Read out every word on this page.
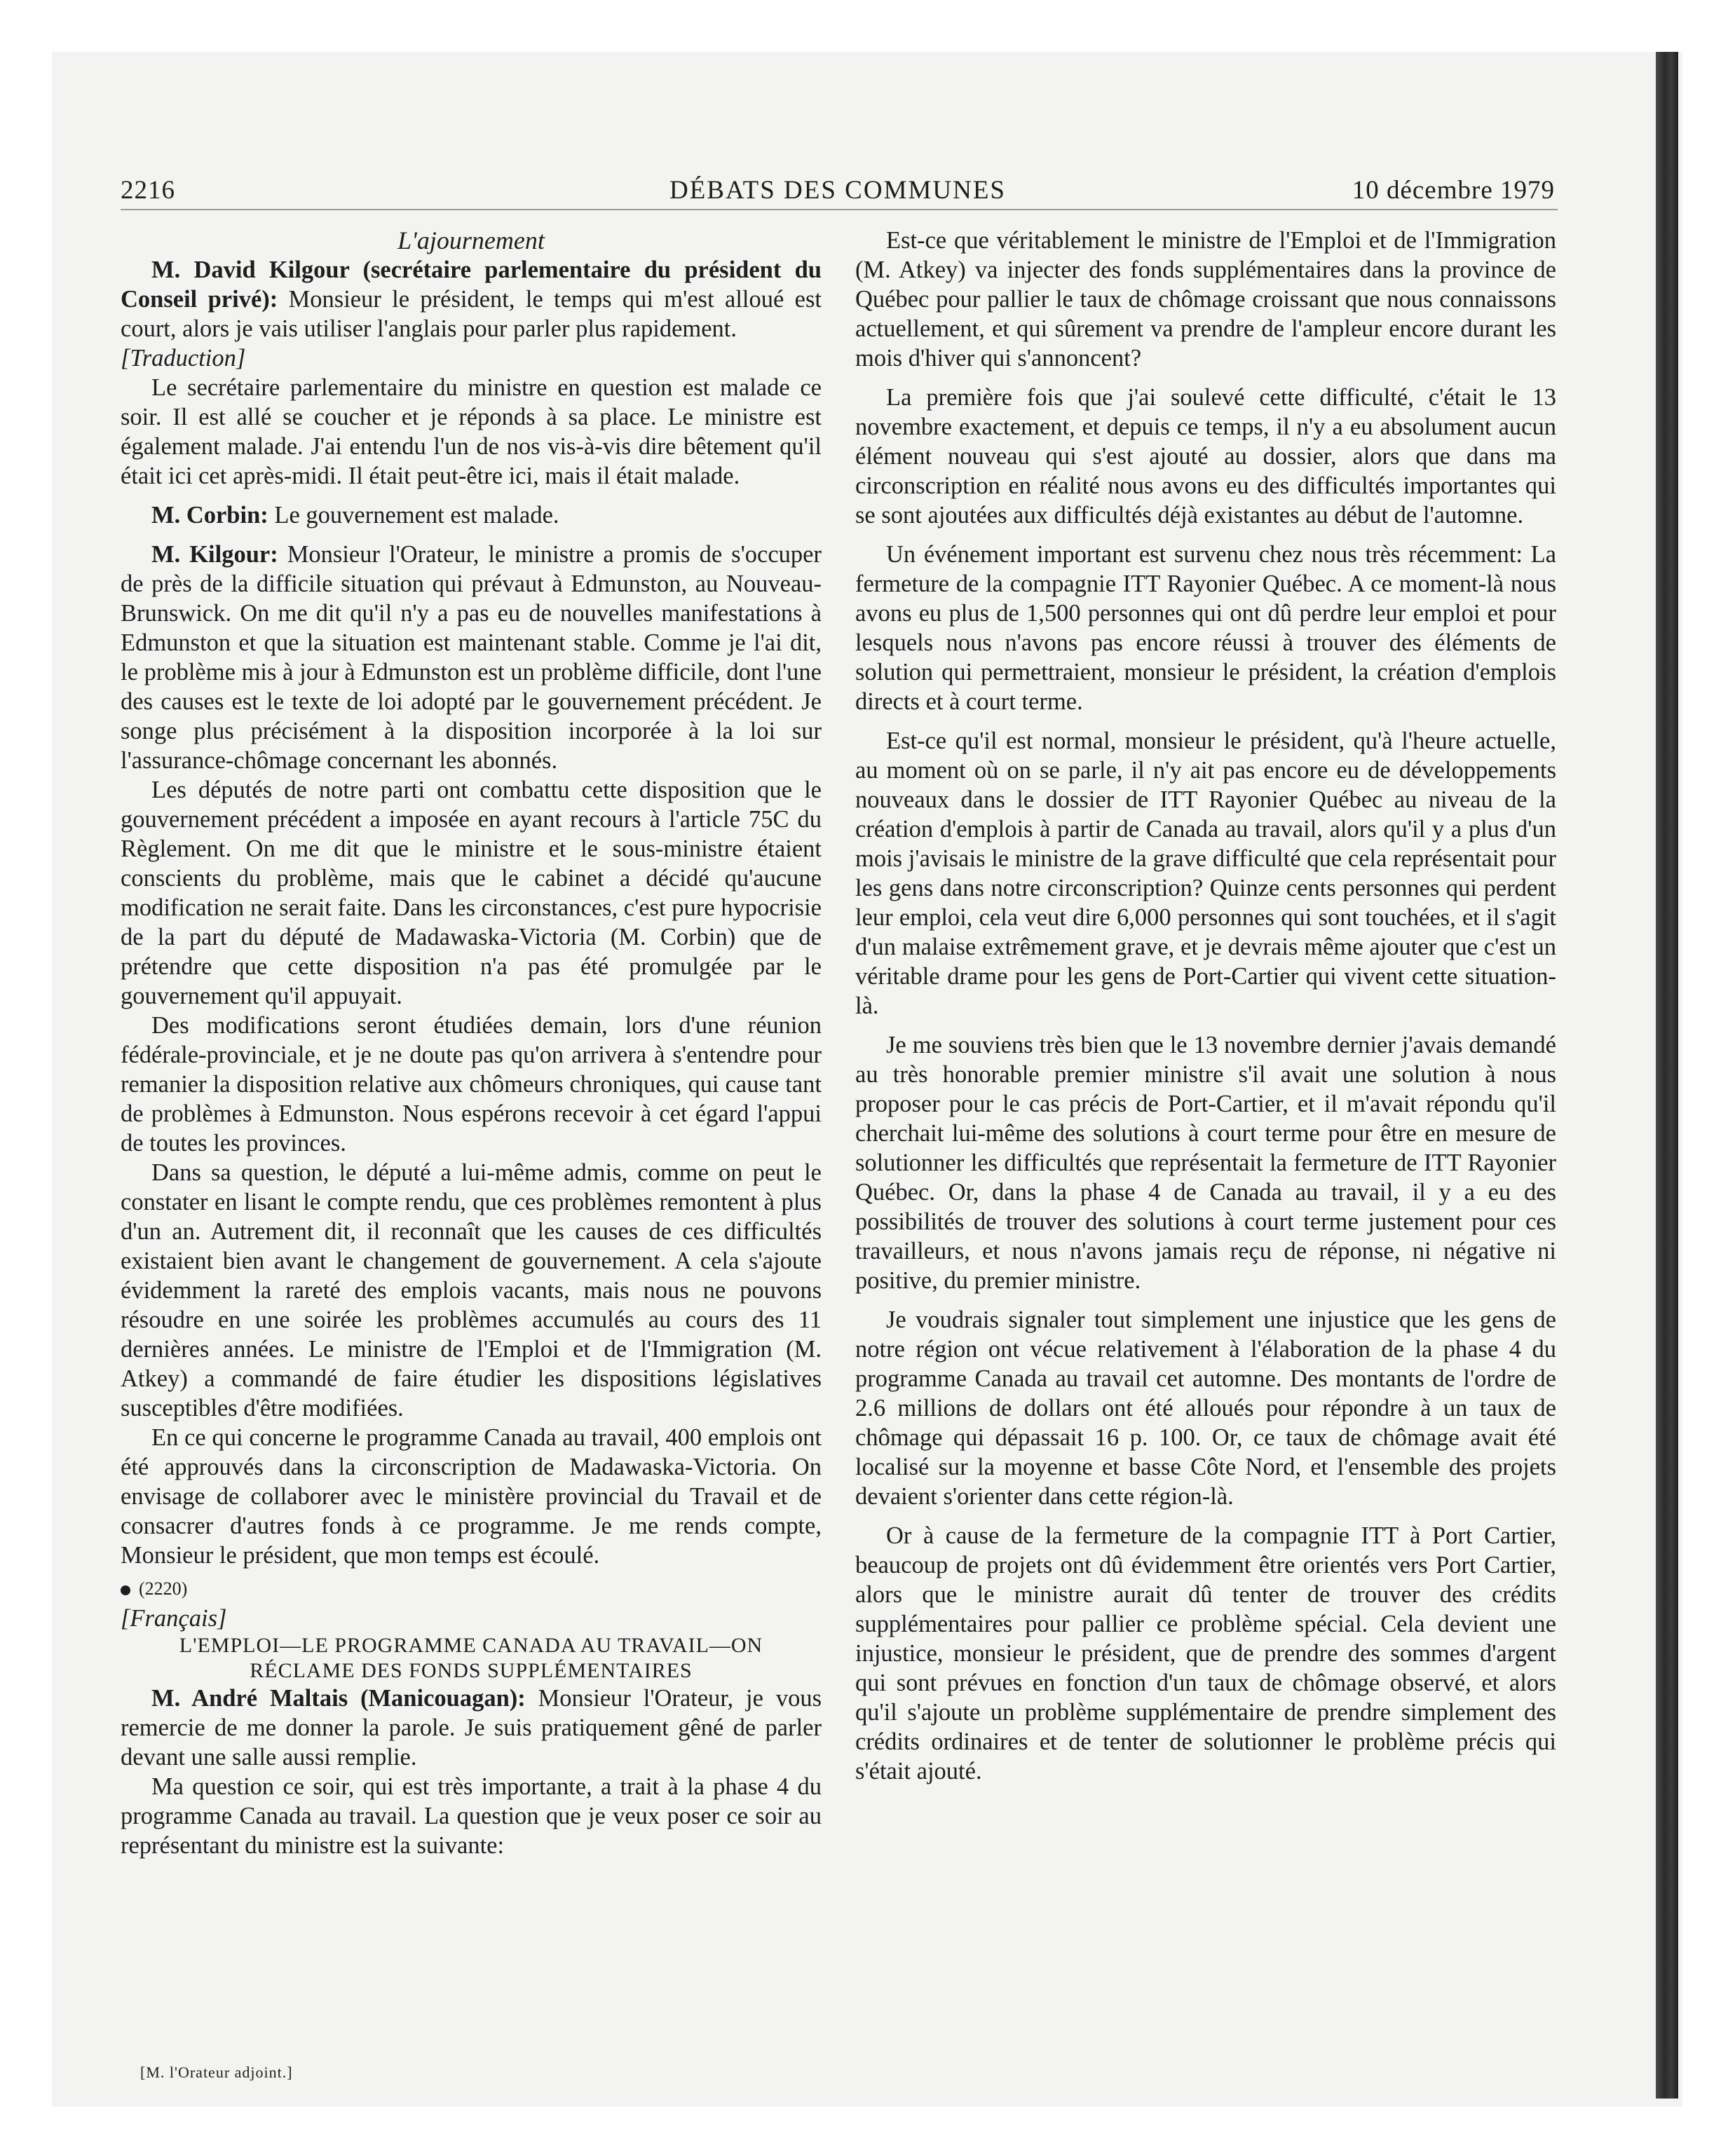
2216	DÉBATS DES COMMUNES	10 décembre 1979

L'ajournement

M. David Kilgour (secrétaire parlementaire du président du Conseil privé): Monsieur le président, le temps qui m'est alloué est court, alors je vais utiliser l'anglais pour parler plus rapidement.

[Traduction]

Le secrétaire parlementaire du ministre en question est malade ce soir. Il est allé se coucher et je réponds à sa place. Le ministre est également malade. J'ai entendu l'un de nos vis-à-vis dire bêtement qu'il était ici cet après-midi. Il était peut-être ici, mais il était malade.

M. Corbin: Le gouvernement est malade.

M. Kilgour: Monsieur l'Orateur, le ministre a promis de s'occuper de près de la difficile situation qui prévaut à Edmunston, au Nouveau-Brunswick. On me dit qu'il n'y a pas eu de nouvelles manifestations à Edmunston et que la situation est maintenant stable. Comme je l'ai dit, le problème mis à jour à Edmunston est un problème difficile, dont l'une des causes est le texte de loi adopté par le gouvernement précédent. Je songe plus précisément à la disposition incorporée à la loi sur l'assurance-chômage concernant les abonnés.

Les députés de notre parti ont combattu cette disposition que le gouvernement précédent a imposée en ayant recours à l'article 75C du Règlement. On me dit que le ministre et le sous-ministre étaient conscients du problème, mais que le cabinet a décidé qu'aucune modification ne serait faite. Dans les circonstances, c'est pure hypocrisie de la part du député de Madawaska-Victoria (M. Corbin) que de prétendre que cette disposition n'a pas été promulgée par le gouvernement qu'il appuyait.

Des modifications seront étudiées demain, lors d'une réunion fédérale-provinciale, et je ne doute pas qu'on arrivera à s'entendre pour remanier la disposition relative aux chômeurs chroniques, qui cause tant de problèmes à Edmunston. Nous espérons recevoir à cet égard l'appui de toutes les provinces.

Dans sa question, le député a lui-même admis, comme on peut le constater en lisant le compte rendu, que ces problèmes remontent à plus d'un an. Autrement dit, il reconnaît que les causes de ces difficultés existaient bien avant le changement de gouvernement. A cela s'ajoute évidemment la rareté des emplois vacants, mais nous ne pouvons résoudre en une soirée les problèmes accumulés au cours des 11 dernières années. Le ministre de l'Emploi et de l'Immigration (M. Atkey) a commandé de faire étudier les dispositions législatives susceptibles d'être modifiées.

En ce qui concerne le programme Canada au travail, 400 emplois ont été approuvés dans la circonscription de Madawaska-Victoria. On envisage de collaborer avec le ministère provincial du Travail et de consacrer d'autres fonds à ce programme. Je me rends compte, Monsieur le président, que mon temps est écoulé.

(2220)

[Français]

L'EMPLOI—LE PROGRAMME CANADA AU TRAVAIL—ON

RÉCLAME DES FONDS SUPPLÉMENTAIRES

M. André Maltais (Manicouagan): Monsieur l'Orateur, je vous remercie de me donner la parole. Je suis pratiquement gêné de parler devant une salle aussi remplie.

Ma question ce soir, qui est très importante, a trait à la phase 4 du programme Canada au travail. La question que je veux poser ce soir au représentant du ministre est la suivante:

Est-ce que véritablement le ministre de l'Emploi et de l'Immigration (M. Atkey) va injecter des fonds supplémentaires dans la province de Québec pour pallier le taux de chômage croissant que nous connaissons actuellement, et qui sûrement va prendre de l'ampleur encore durant les mois d'hiver qui s'annoncent?

La première fois que j'ai soulevé cette difficulté, c'était le 13 novembre exactement, et depuis ce temps, il n'y a eu absolument aucun élément nouveau qui s'est ajouté au dossier, alors que dans ma circonscription en réalité nous avons eu des difficultés importantes qui se sont ajoutées aux difficultés déjà existantes au début de l'automne.

Un événement important est survenu chez nous très récemment: La fermeture de la compagnie ITT Rayonier Québec. A ce moment-là nous avons eu plus de 1,500 personnes qui ont dû perdre leur emploi et pour lesquels nous n'avons pas encore réussi à trouver des éléments de solution qui permettraient, monsieur le président, la création d'emplois directs et à court terme.

Est-ce qu'il est normal, monsieur le président, qu'à l'heure actuelle, au moment où on se parle, il n'y ait pas encore eu de développements nouveaux dans le dossier de ITT Rayonier Québec au niveau de la création d'emplois à partir de Canada au travail, alors qu'il y a plus d'un mois j'avisais le ministre de la grave difficulté que cela représentait pour les gens dans notre circonscription? Quinze cents personnes qui perdent leur emploi, cela veut dire 6,000 personnes qui sont touchées, et il s'agit d'un malaise extrêmement grave, et je devrais même ajouter que c'est un véritable drame pour les gens de Port-Cartier qui vivent cette situation-là.

Je me souviens très bien que le 13 novembre dernier j'avais demandé au très honorable premier ministre s'il avait une solution à nous proposer pour le cas précis de Port-Cartier, et il m'avait répondu qu'il cherchait lui-même des solutions à court terme pour être en mesure de solutionner les difficultés que représentait la fermeture de ITT Rayonier Québec. Or, dans la phase 4 de Canada au travail, il y a eu des possibilités de trouver des solutions à court terme justement pour ces travailleurs, et nous n'avons jamais reçu de réponse, ni négative ni positive, du premier ministre.

Je voudrais signaler tout simplement une injustice que les gens de notre région ont vécue relativement à l'élaboration de la phase 4 du programme Canada au travail cet automne. Des montants de l'ordre de 2.6 millions de dollars ont été alloués pour répondre à un taux de chômage qui dépassait 16 p. 100. Or, ce taux de chômage avait été localisé sur la moyenne et basse Côte Nord, et l'ensemble des projets devaient s'orienter dans cette région-là.

Or à cause de la fermeture de la compagnie ITT à Port Cartier, beaucoup de projets ont dû évidemment être orientés vers Port Cartier, alors que le ministre aurait dû tenter de trouver des crédits supplémentaires pour pallier ce problème spécial. Cela devient une injustice, monsieur le président, que de prendre des sommes d'argent qui sont prévues en fonction d'un taux de chômage observé, et alors qu'il s'ajoute un problème supplémentaire de prendre simplement des crédits ordinaires et de tenter de solutionner le problème précis qui s'était ajouté.

[M. l'Orateur adjoint.]
